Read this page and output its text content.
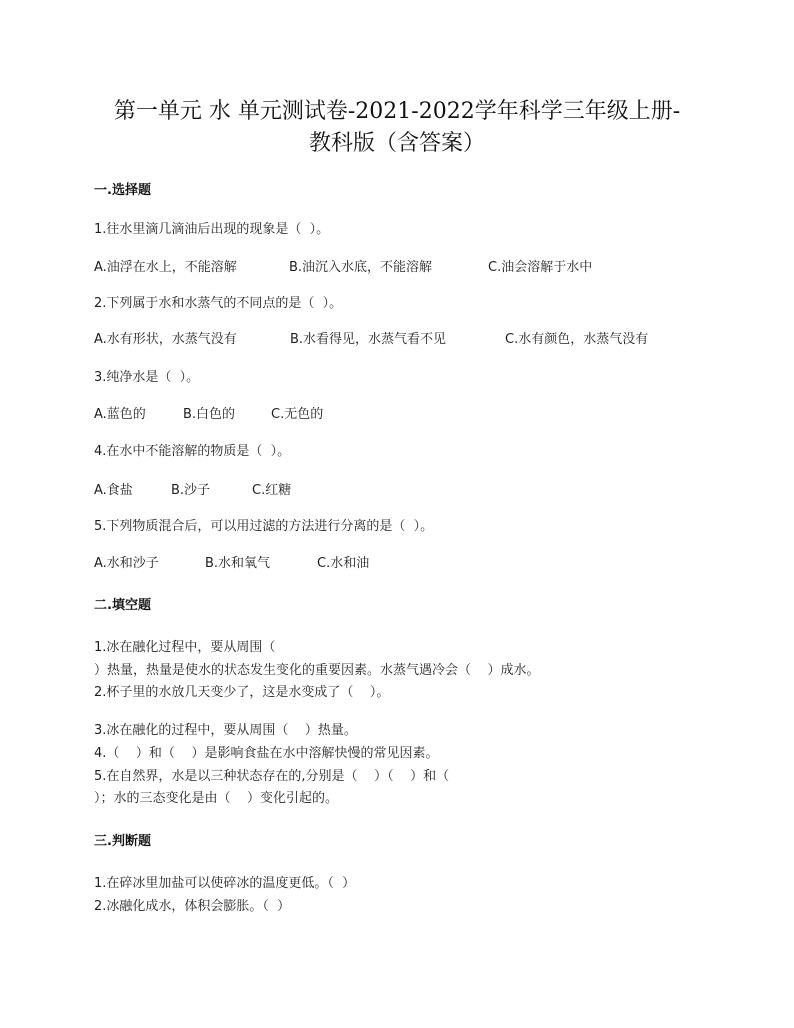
第一单元 水 单元测试卷-2021-2022学年科学三年级上册-
教科版（含答案）
一.选择题
1.往水里滴几滴油后出现的现象是（  ）。
A.油浮在水上，不能溶解	B.油沉入水底，不能溶解	C.油会溶解于水中
2.下列属于水和水蒸气的不同点的是（  ）。
A.水有形状，水蒸气没有	B.水看得见，水蒸气看不见	C.水有颜色，水蒸气没有
3.纯净水是（  ）。
A.蓝色的	B.白色的	C.无色的
4.在水中不能溶解的物质是（  ）。
A.食盐	B.沙子	C.红糖
5.下列物质混合后，可以用过滤的方法进行分离的是（  ）。
A.水和沙子	B.水和氧气	C.水和油
二.填空题
1.冰在融化过程中，要从周围（
）热量，热量是使水的状态发生变化的重要因素。水蒸气遇冷会（    ）成水。
2.杯子里的水放几天变少了，这是水变成了（    ）。
3.冰在融化的过程中，要从周围（    ）热量。
4.（    ）和（    ）是影响食盐在水中溶解快慢的常见因素。
5.在自然界，水是以三种状态存在的,分别是（    ）（    ）和（
）；水的三态变化是由（    ）变化引起的。
三.判断题
1.在碎冰里加盐可以使碎冰的温度更低。（  ）
2.冰融化成水，体积会膨胀。（  ）
